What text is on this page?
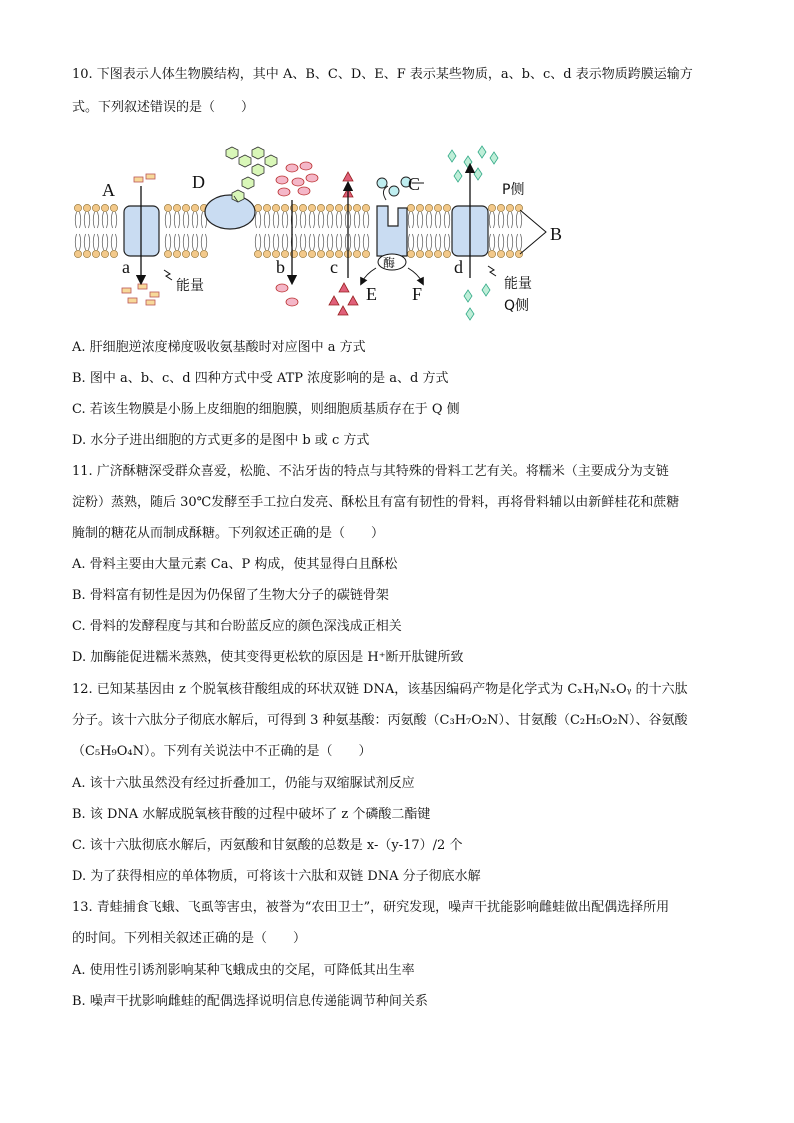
10. 下图表示人体生物膜结构，其中 A、B、C、D、E、F 表示某些物质，a、b、c、d 表示物质跨膜运输方
式。下列叙述错误的是（　　）
A	D	C
B
a	b	c	d
E F
能量	能量
酶
P侧
Q侧
A. 肝细胞逆浓度梯度吸收氨基酸时对应图中 a 方式
B. 图中 a、b、c、d 四种方式中受 ATP 浓度影响的是 a、d 方式
C. 若该生物膜是小肠上皮细胞的细胞膜，则细胞质基质存在于 Q 侧
D. 水分子进出细胞的方式更多的是图中 b 或 c 方式
11. 广济酥糖深受群众喜爱，松脆、不沾牙齿的特点与其特殊的骨料工艺有关。将糯米（主要成分为支链
淀粉）蒸熟，随后 30℃发酵至手工拉白发亮、酥松且有富有韧性的骨料，再将骨料辅以由新鲜桂花和蔗糖
腌制的糖花从而制成酥糖。下列叙述正确的是（　　）
A. 骨料主要由大量元素 Ca、P 构成，使其显得白且酥松
B. 骨料富有韧性是因为仍保留了生物大分子的碳链骨架
C. 骨料的发酵程度与其和台盼蓝反应的颜色深浅成正相关
D. 加酶能促进糯米蒸熟，使其变得更松软的原因是 H⁺断开肽键所致
12. 已知某基因由 z 个脱氧核苷酸组成的环状双链 DNA，该基因编码产物是化学式为 CₓHᵧNₓOᵧ 的十六肽
分子。该十六肽分子彻底水解后，可得到 3 种氨基酸：丙氨酸（C₃H₇O₂N）、甘氨酸（C₂H₅O₂N）、谷氨酸
（C₅H₉O₄N）。下列有关说法中不正确的是（　　）
A. 该十六肽虽然没有经过折叠加工，仍能与双缩脲试剂反应
B. 该 DNA 水解成脱氧核苷酸的过程中破坏了 z 个磷酸二酯键
C. 该十六肽彻底水解后，丙氨酸和甘氨酸的总数是 x-（y-17）/2 个
D. 为了获得相应的单体物质，可将该十六肽和双链 DNA 分子彻底水解
13. 青蛙捕食飞蛾、飞虱等害虫，被誉为“农田卫士”，研究发现，噪声干扰能影响雌蛙做出配偶选择所用
的时间。下列相关叙述正确的是（　　）
A. 使用性引诱剂影响某种飞蛾成虫的交尾，可降低其出生率
B. 噪声干扰影响雌蛙的配偶选择说明信息传递能调节种间关系
